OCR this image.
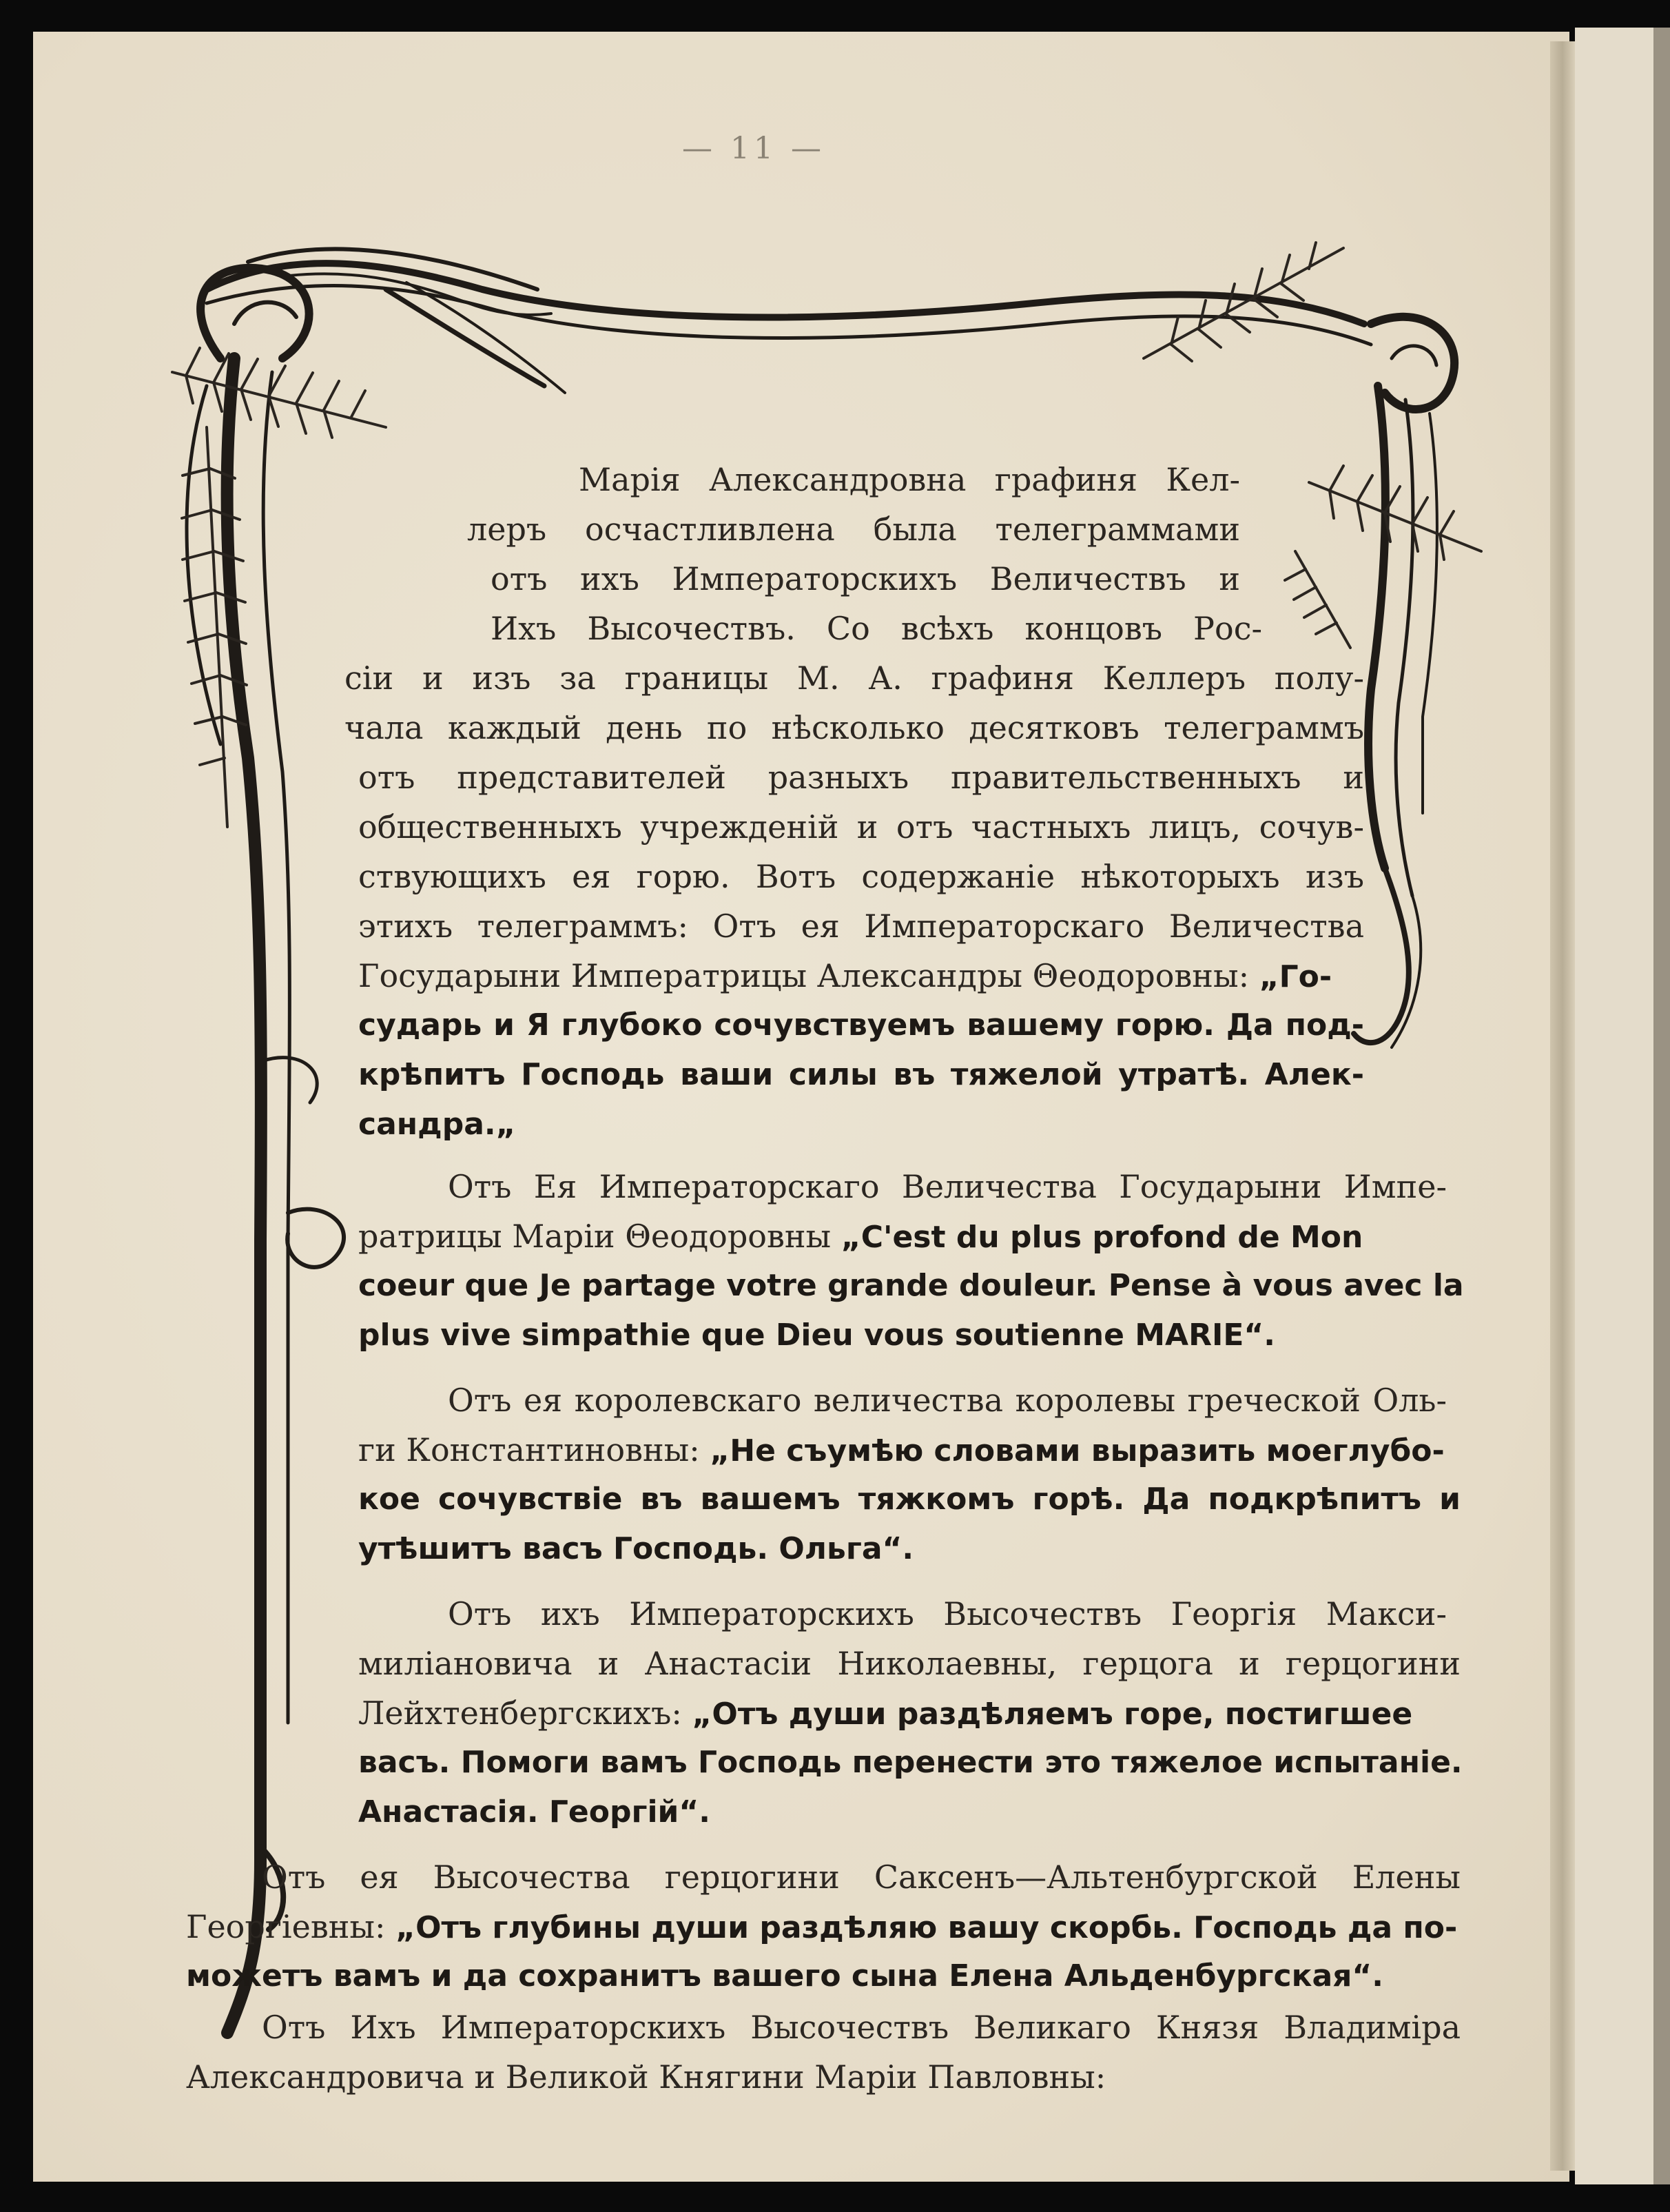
— 11 —
Марія Александровна графиня Кел-
леръ осчастливлена была телеграммами
отъ ихъ Императорскихъ Величествъ и
Ихъ Высочествъ. Со всѣхъ концовъ Рос-
сіи и изъ за границы М. А. графиня Келлеръ полу-
чала каждый день по нѣсколько десятковъ телеграммъ
отъ представителей разныхъ правительственныхъ и
общественныхъ учрежденій и отъ частныхъ лицъ, сочув-
ствующихъ ея горю. Вотъ содержаніе нѣкоторыхъ изъ
этихъ телеграммъ: Отъ ея Императорскаго Величества
Государыни Императрицы Александры Θеодоровны: „Го-
сударь и Я глубоко сочувствуемъ вашему горю. Да под-
крѣпитъ Господь ваши силы въ тяжелой утратѣ. Алек-
сандра.„
Отъ Ея Императорскаго Величества Государыни Импе-
ратрицы Маріи Θеодоровны „C'est du plus profond de Mon
coeur que Je partage votre grande douleur. Pense à vous avec la
plus vive simpathie que Dieu vous soutienne MARIE“.
Отъ ея королевскаго величества королевы греческой Оль-
ги Константиновны: „Не съумѣю словами выразить моеглубо-
кое сочувствіе въ вашемъ тяжкомъ горѣ. Да подкрѣпитъ и
утѣшитъ васъ Господь. Ольга“.
Отъ ихъ Императорскихъ Высочествъ Георгія Макси-
миліановича и Анастасіи Николаевны, герцога и герцогини
Лейхтенбергскихъ: „Отъ души раздѣляемъ горе, постигшее
васъ. Помоги вамъ Господь перенести это тяжелое испытаніе.
Анастасія. Георгій“.
Отъ ея Высочества герцогини Саксенъ—Альтенбургской Елены
Георгіевны: „Отъ глубины души раздѣляю вашу скорбь. Господь да по-
можетъ вамъ и да сохранитъ вашего сына Елена Альденбургская“.
Отъ Ихъ Императорскихъ Высочествъ Великаго Князя Владиміра
Александровича и Великой Княгини Маріи Павловны:
